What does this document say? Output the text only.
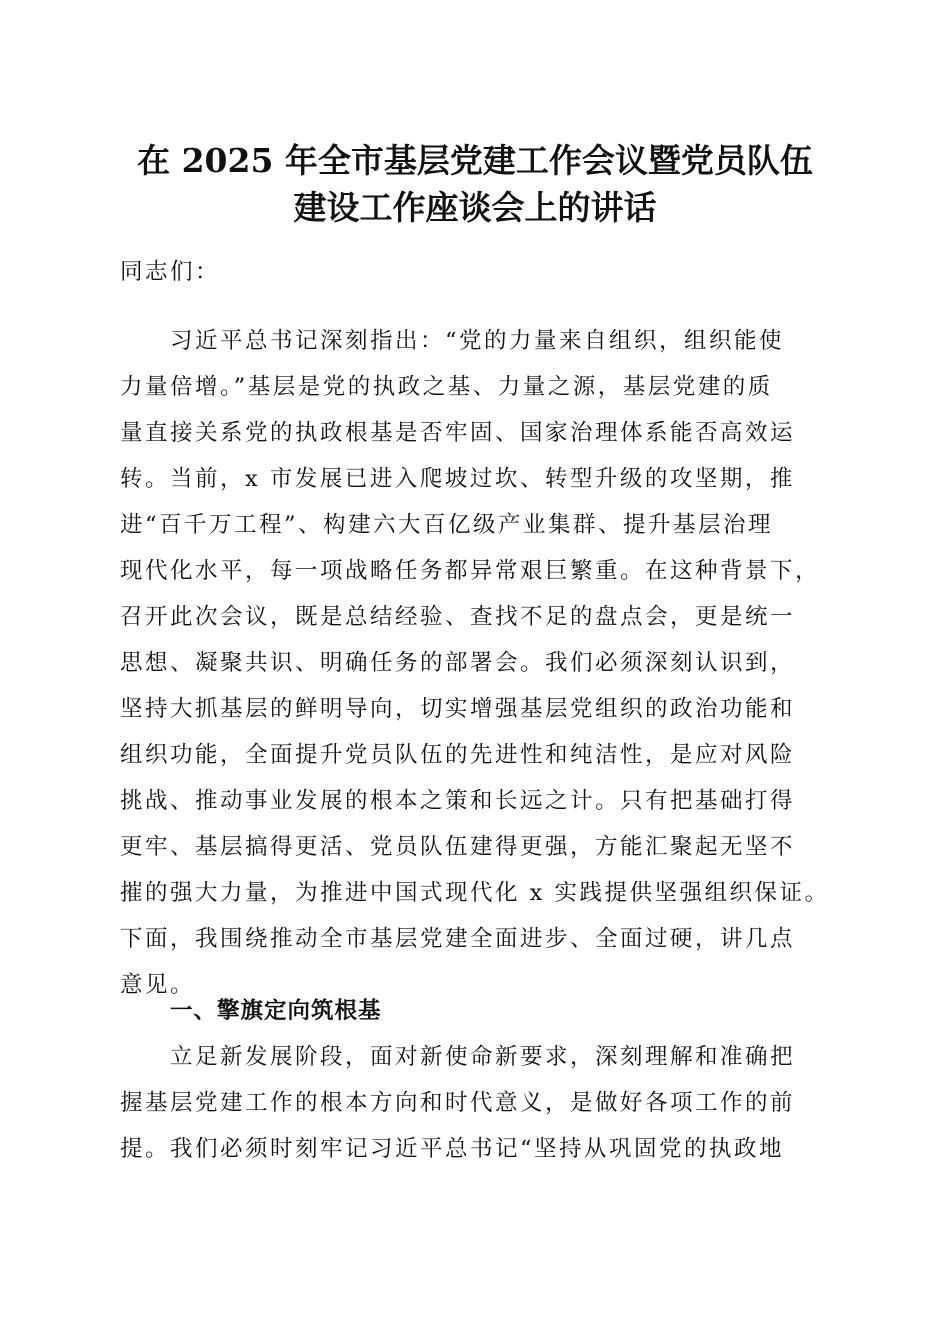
在 2025 年全市基层党建工作会议暨党员队伍
建设工作座谈会上的讲话

同志们：

　　习近平总书记深刻指出：“党的力量来自组织，组织能使

力量倍增。”基层是党的执政之基、力量之源，基层党建的质

量直接关系党的执政根基是否牢固、国家治理体系能否高效运

转。当前，x 市发展已进入爬坡过坎、转型升级的攻坚期，推

进“百千万工程”、构建六大百亿级产业集群、提升基层治理

现代化水平，每一项战略任务都异常艰巨繁重。在这种背景下，

召开此次会议，既是总结经验、查找不足的盘点会，更是统一

思想、凝聚共识、明确任务的部署会。我们必须深刻认识到，

坚持大抓基层的鲜明导向，切实增强基层党组织的政治功能和

组织功能，全面提升党员队伍的先进性和纯洁性，是应对风险

挑战、推动事业发展的根本之策和长远之计。只有把基础打得

更牢、基层搞得更活、党员队伍建得更强，方能汇聚起无坚不

摧的强大力量，为推进中国式现代化 x 实践提供坚强组织保证。

下面，我围绕推动全市基层党建全面进步、全面过硬，讲几点

意见。

一、擎旗定向筑根基

　　立足新发展阶段，面对新使命新要求，深刻理解和准确把

握基层党建工作的根本方向和时代意义，是做好各项工作的前

提。我们必须时刻牢记习近平总书记“坚持从巩固党的执政地
